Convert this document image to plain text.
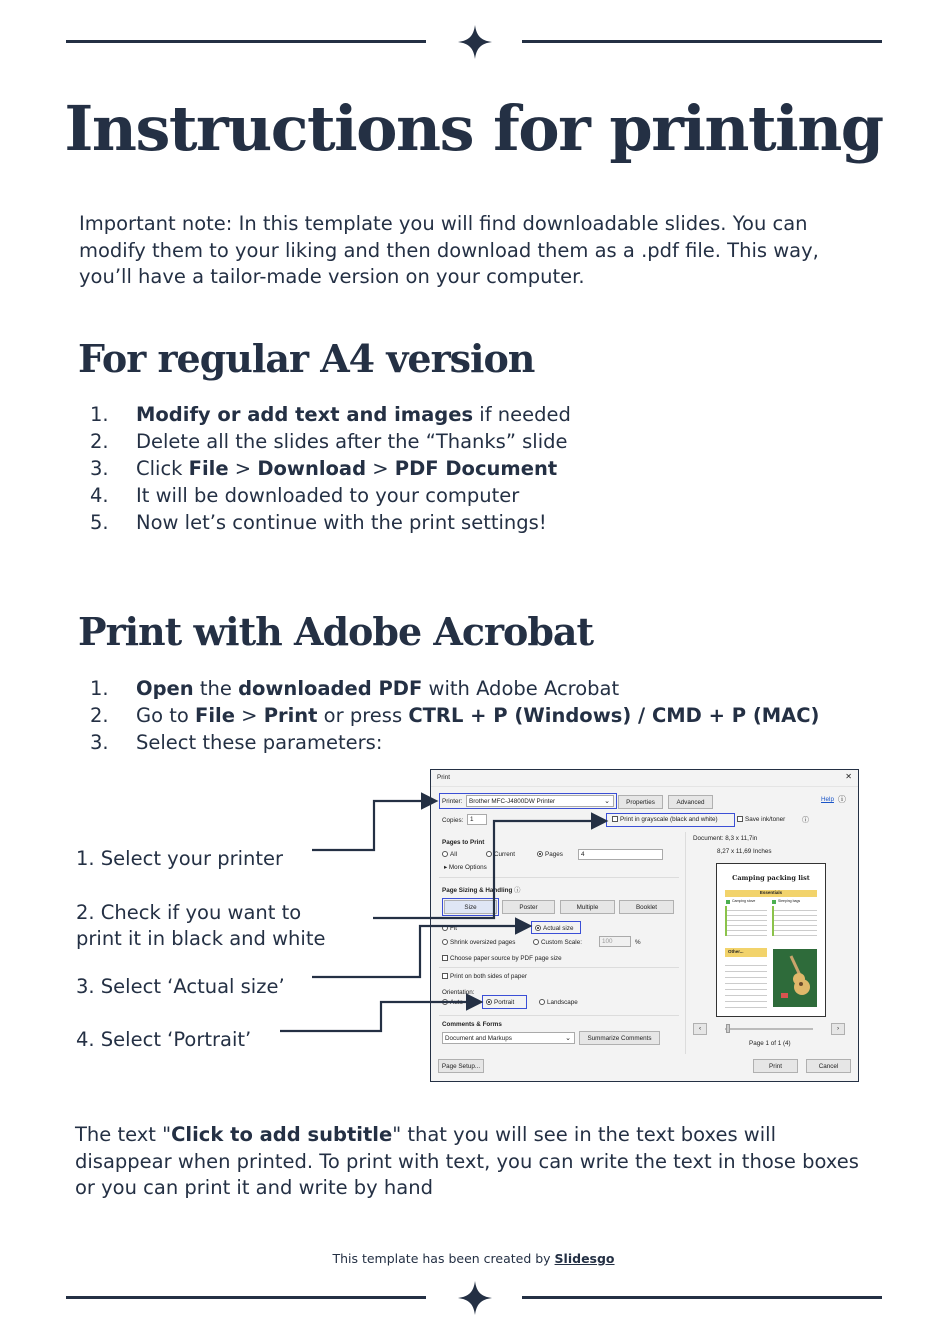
Instructions for printing

Important note: In this template you will find downloadable slides. You can modify them to your liking and then download them as a .pdf file. This way, you’ll have a tailor-made version on your computer.

For regular A4 version
1.	Modify or add text and images if needed
2.	Delete all the slides after the “Thanks” slide
3.	Click File > Download > PDF Document
4.	It will be downloaded to your computer
5.	Now let’s continue with the print settings!
Print with Adobe Acrobat
1.	Open the downloaded PDF with Adobe Acrobat
2.	Go to File > Print or press CTRL + P (Windows) / CMD + P (MAC)
3.	Select these parameters:
1. Select your printer
2. Check if you want to
print it in black and white
3. Select ‘Actual size’
4. Select ‘Portrait’
Print	✕
Printer: Brother MFC-J4800DW Printer	⌄	Properties	Advanced	Help ⓘ
Copies: 1	Print in grayscale (black and white)	Save ink/toner ⓘ
Pages to Print
All	Current	Pages	4
▸ More Options
Page Sizing & Handling ⓘ
Size	Poster	Multiple	Booklet
Fit	Actual size
Shrink oversized pages	Custom Scale:	100	%
Choose paper source by PDF page size
Print on both sides of paper
Orientation:
Auto	Portrait	Landscape
Comments & Forms
Document and Markups	⌄	Summarize Comments
Document: 8,3 x 11,7in
8,27 x 11,69 Inches
Camping packing list
Essentials
Camping stove	Sleeping bags
Other...
‹	›
Page 1 of 1 (4)
Page Setup...	Print	Cancel

The text "Click to add subtitle" that you will see in the text boxes will disappear when printed. To print with text, you can write the text in those boxes or you can print it and write by hand

This template has been created by Slidesgo
